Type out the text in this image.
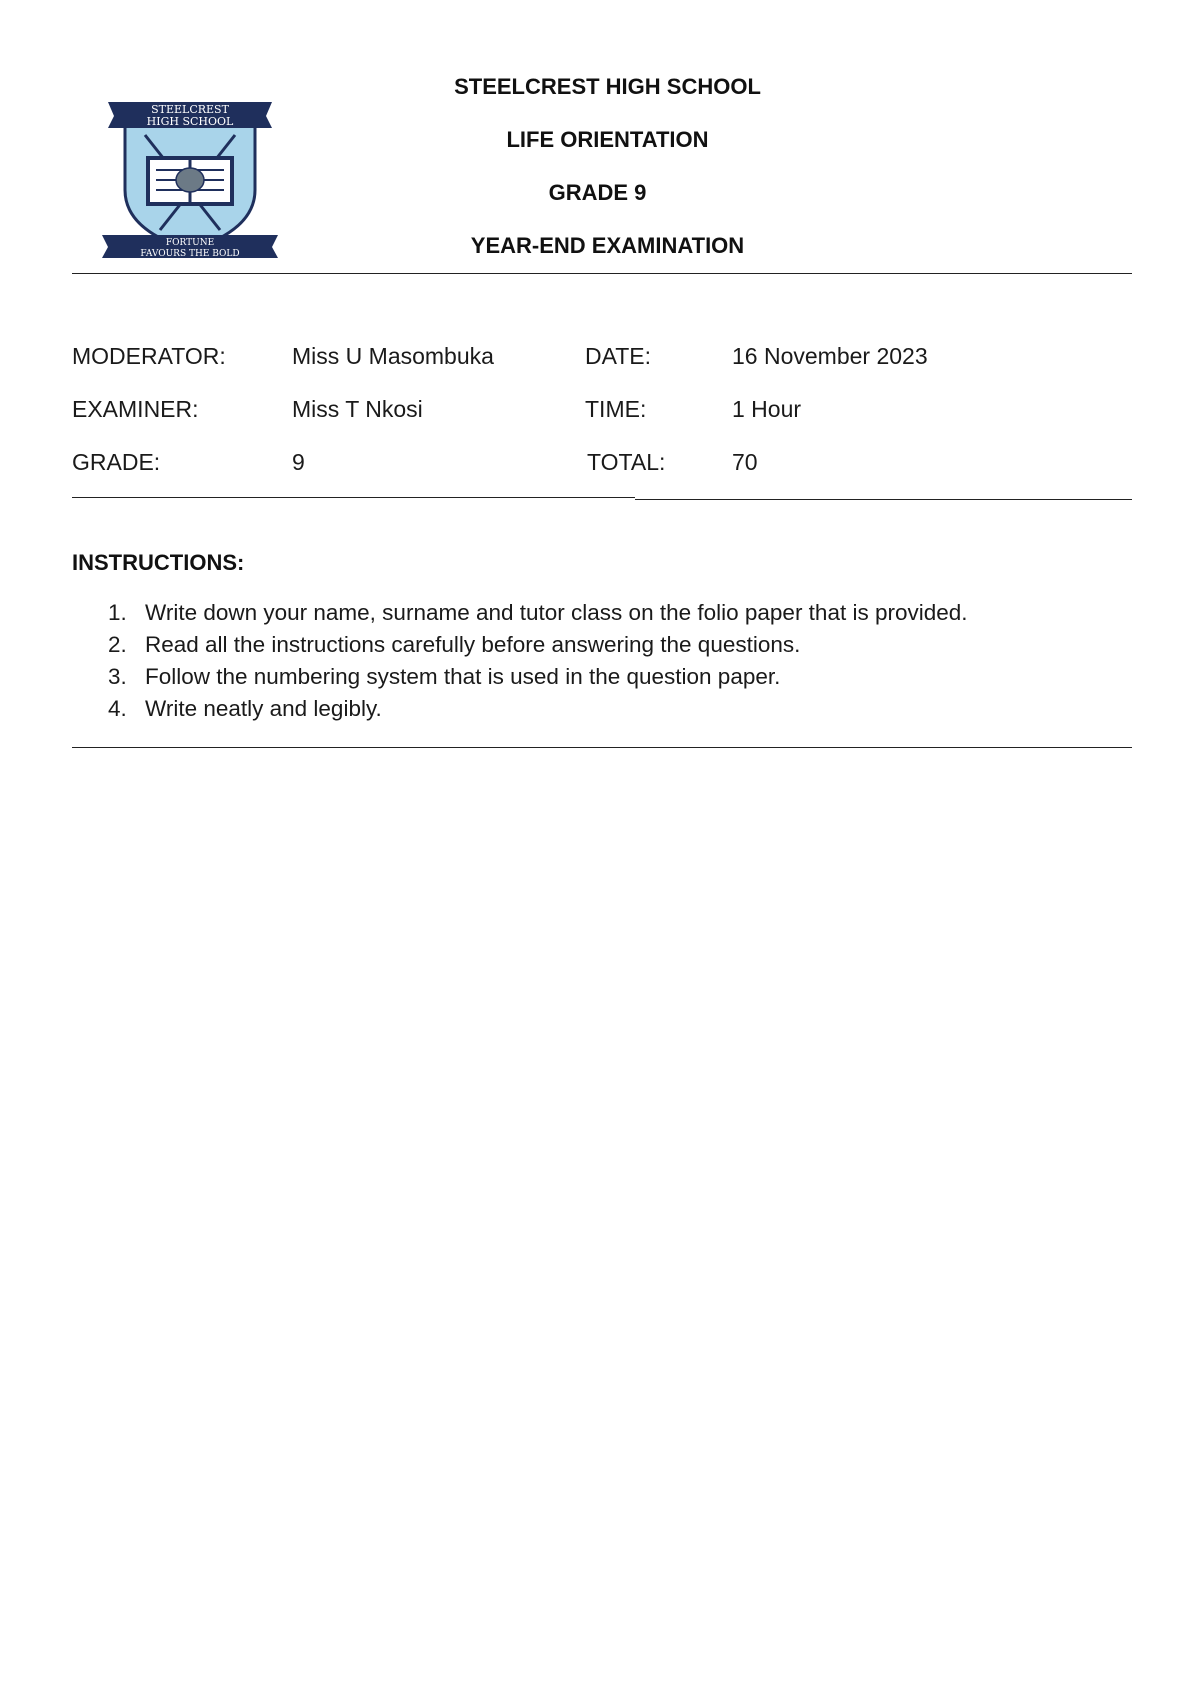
STEELCREST
HIGH SCHOOL
FORTUNE
FAVOURS THE BOLD
STEELCREST HIGH SCHOOL
LIFE ORIENTATION
GRADE 9
YEAR-END EXAMINATION
MODERATOR:	Miss U Masombuka	DATE:	16 November 2023
EXAMINER:	Miss T Nkosi	TIME:	1 Hour
GRADE:	9	TOTAL:	70
INSTRUCTIONS:
1. Write down your name, surname and tutor class on the folio paper that is provided.
2. Read all the instructions carefully before answering the questions.
3. Follow the numbering system that is used in the question paper.
4. Write neatly and legibly.
